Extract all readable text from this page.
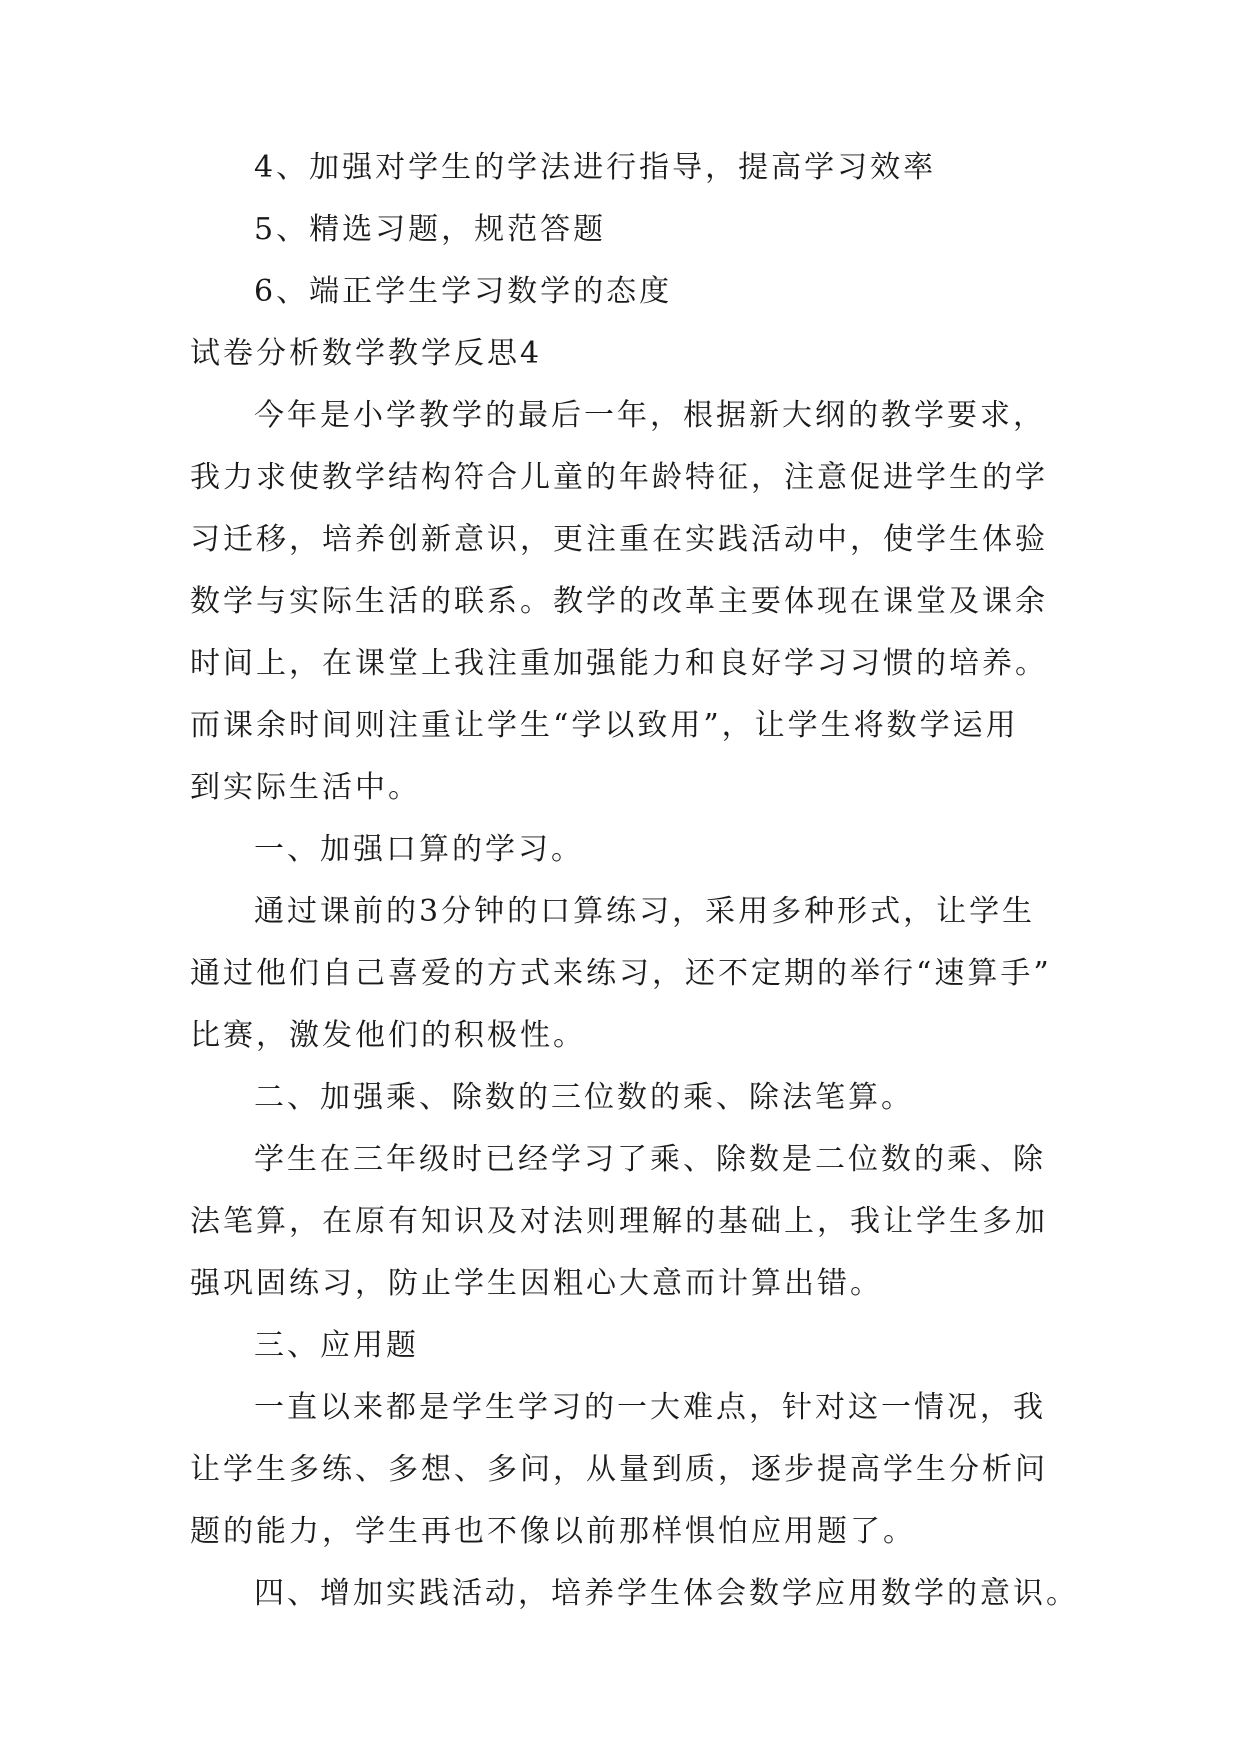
4、加强对学生的学法进行指导，提高学习效率
5、精选习题，规范答题
6、端正学生学习数学的态度
试卷分析数学教学反思4
今年是小学教学的最后一年，根据新大纲的教学要求，
我力求使教学结构符合儿童的年龄特征，注意促进学生的学
习迁移，培养创新意识，更注重在实践活动中，使学生体验
数学与实际生活的联系。教学的改革主要体现在课堂及课余
时间上，在课堂上我注重加强能力和良好学习习惯的培养。
而课余时间则注重让学生“学以致用”，让学生将数学运用
到实际生活中。
一、加强口算的学习。
通过课前的3分钟的口算练习，采用多种形式，让学生
通过他们自己喜爱的方式来练习，还不定期的举行“速算手”
比赛，激发他们的积极性。
二、加强乘、除数的三位数的乘、除法笔算。
学生在三年级时已经学习了乘、除数是二位数的乘、除
法笔算，在原有知识及对法则理解的基础上，我让学生多加
强巩固练习，防止学生因粗心大意而计算出错。
三、应用题
一直以来都是学生学习的一大难点，针对这一情况，我
让学生多练、多想、多问，从量到质，逐步提高学生分析问
题的能力，学生再也不像以前那样惧怕应用题了。
四、增加实践活动，培养学生体会数学应用数学的意识。
